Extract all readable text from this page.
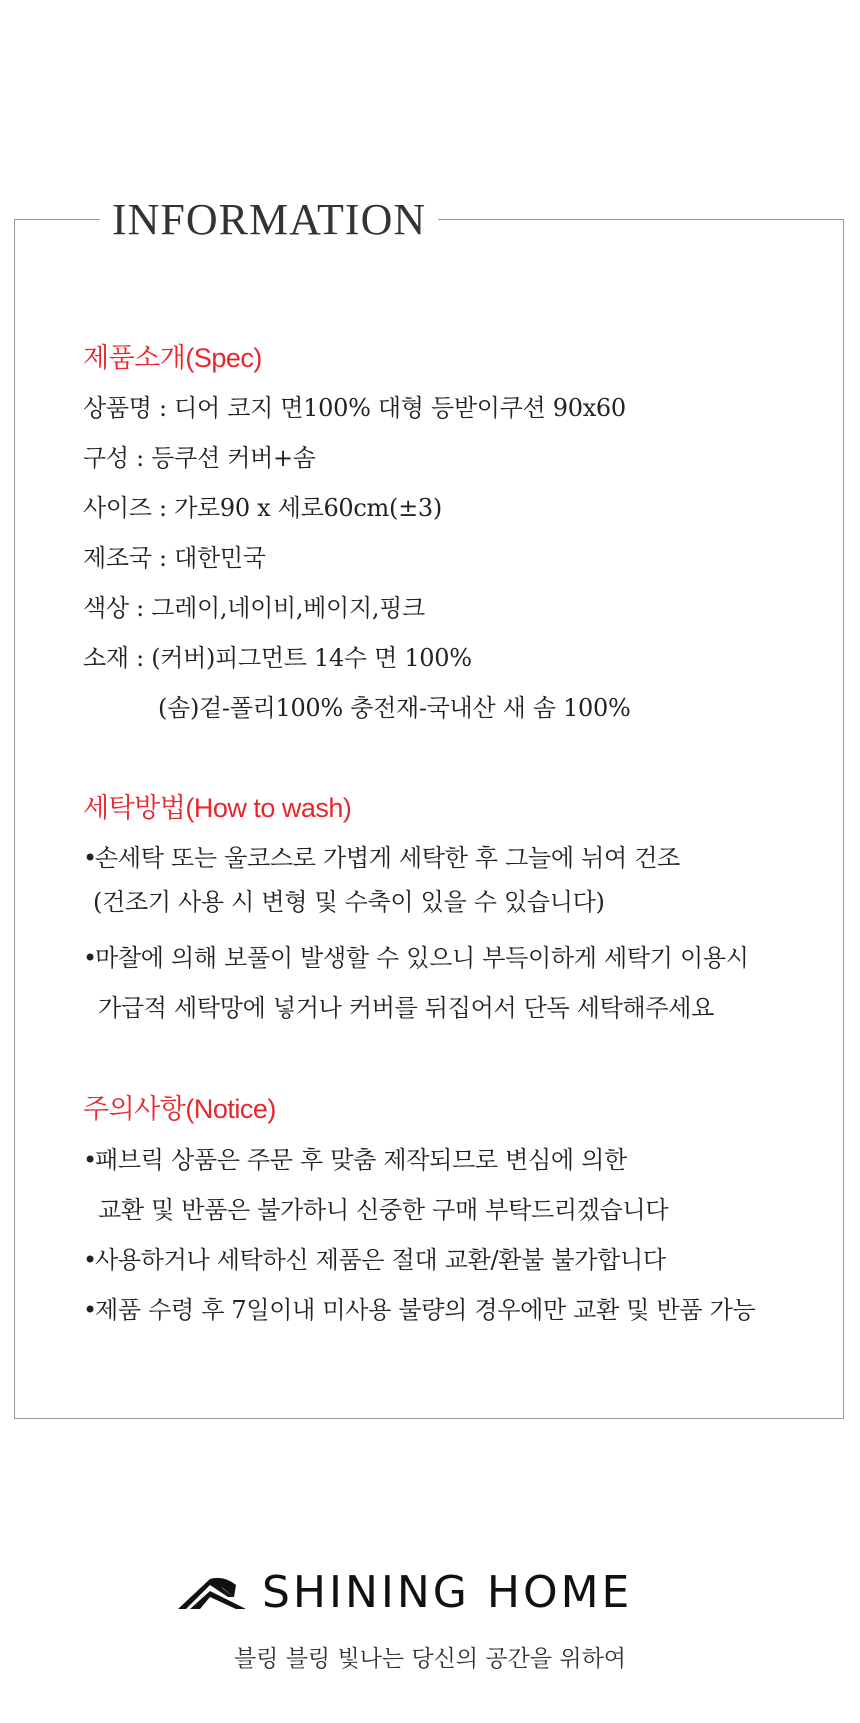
INFORMATION
제품소개(Spec)
상품명 : 디어 코지 면100% 대형 등받이쿠션 90x60
구성 : 등쿠션 커버+솜
사이즈 : 가로90 x 세로60cm(±3)
제조국 : 대한민국
색상 : 그레이,네이비,베이지,핑크
소재 : (커버)피그먼트 14수 면 100%
(솜)겉-폴리100% 충전재-국내산 새 솜 100%
세탁방법(How to wash)
•손세탁 또는 울코스로 가볍게 세탁한 후 그늘에 뉘여 건조
(건조기 사용 시 변형 및 수축이 있을 수 있습니다)
•마찰에 의해 보풀이 발생할 수 있으니 부득이하게 세탁기 이용시
가급적 세탁망에 넣거나 커버를 뒤집어서 단독 세탁해주세요
주의사항(Notice)
•패브릭 상품은 주문 후 맞춤 제작되므로 변심에 의한
교환 및 반품은 불가하니 신중한 구매 부탁드리겠습니다
•사용하거나 세탁하신 제품은 절대 교환/환불 불가합니다
•제품 수령 후 7일이내 미사용 불량의 경우에만 교환 및 반품 가능
SHINING HOME
블링 블링 빛나는 당신의 공간을 위하여
